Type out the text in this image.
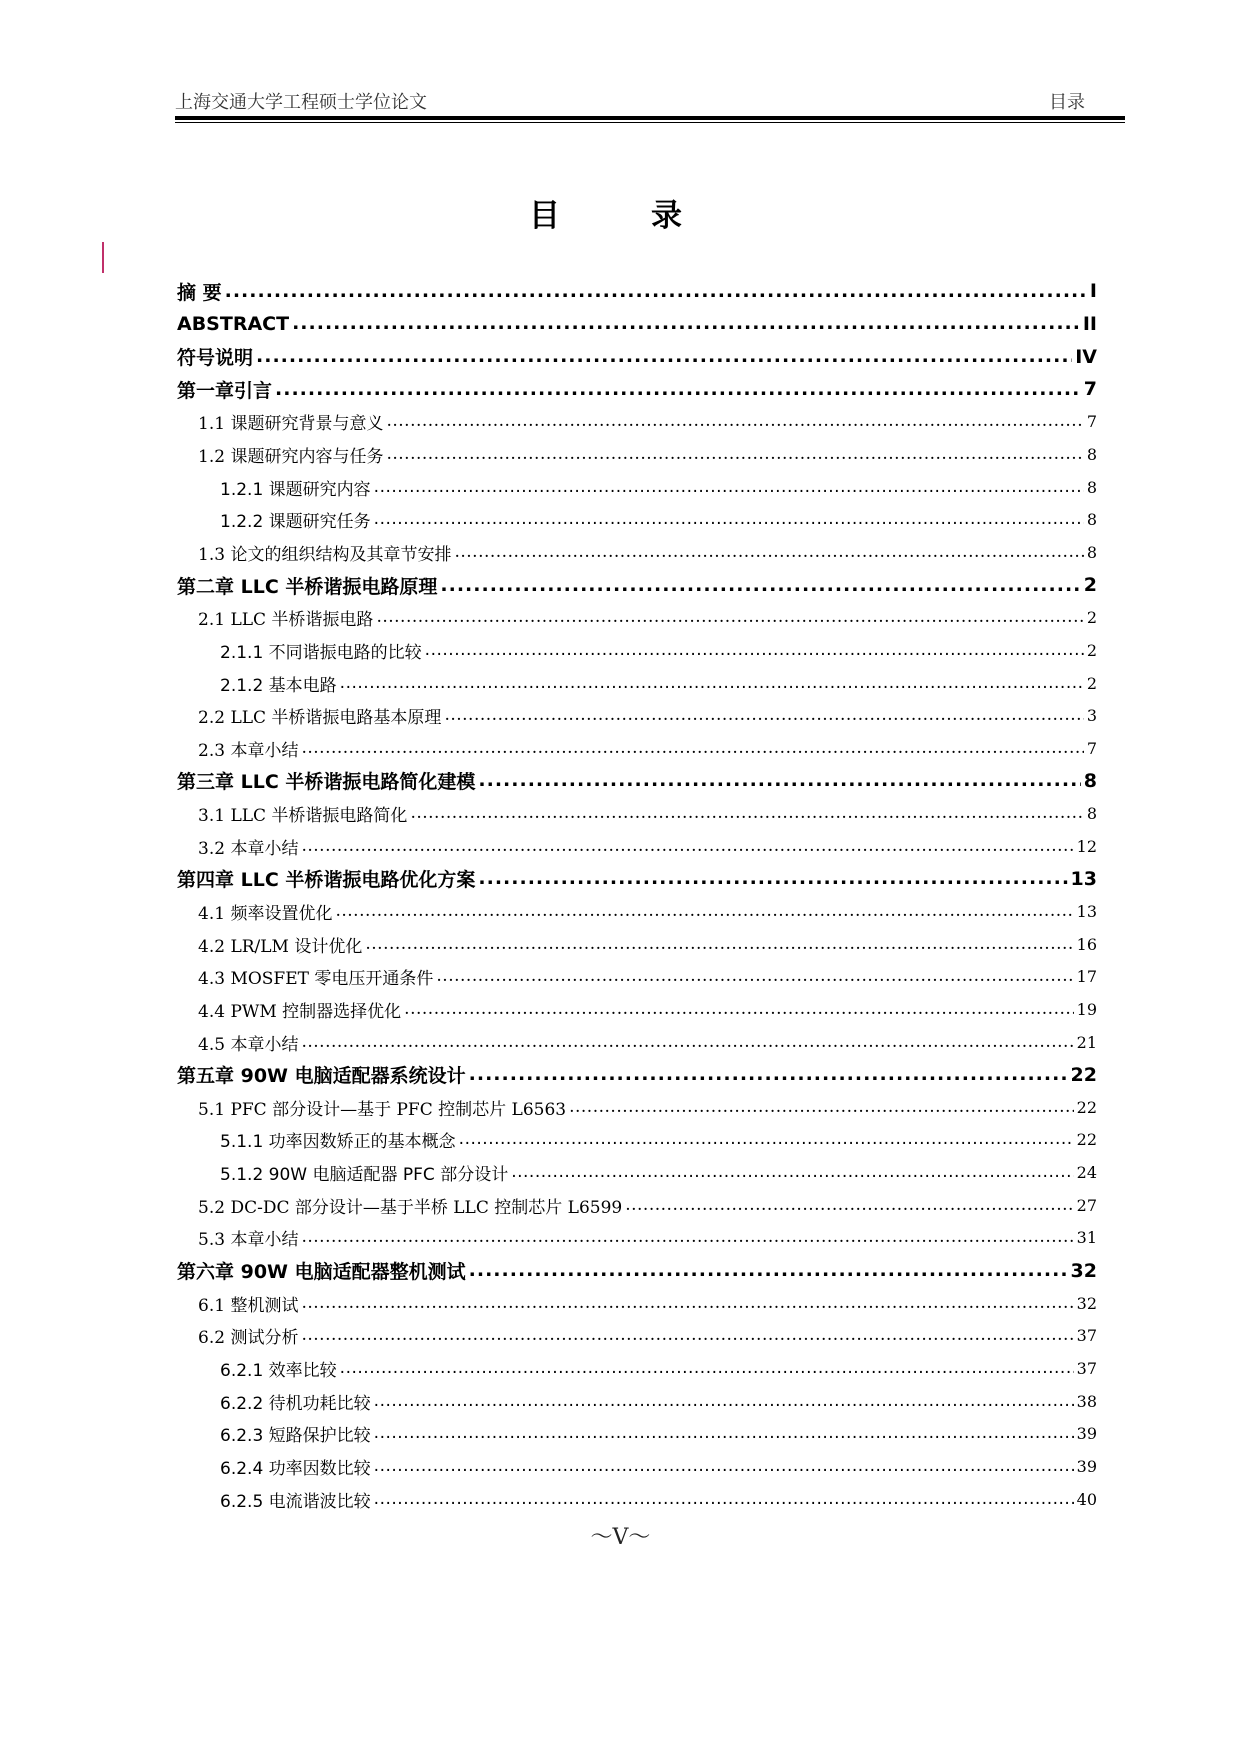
上海交通大学工程硕士学位论文	目录
目　录
摘 要 .....	I
ABSTRACT .....	II
符号说明 .....	IV
第一章引言 .....	7
1.1 课题研究背景与意义 .....	7
1.2 课题研究内容与任务 .....	8
1.2.1 课题研究内容 .....	8
1.2.2 课题研究任务 .....	8
1.3 论文的组织结构及其章节安排 .....	8
第二章 LLC 半桥谐振电路原理 .....	2
2.1 LLC 半桥谐振电路 .....	2
2.1.1 不同谐振电路的比较 .....	2
2.1.2 基本电路 .....	2
2.2 LLC 半桥谐振电路基本原理 .....	3
2.3 本章小结 .....	7
第三章 LLC 半桥谐振电路简化建模 .....	8
3.1 LLC 半桥谐振电路简化 .....	8
3.2 本章小结 .....	12
第四章 LLC 半桥谐振电路优化方案 .....	13
4.1 频率设置优化 .....	13
4.2 LR/LM 设计优化 .....	16
4.3 MOSFET 零电压开通条件 .....	17
4.4 PWM 控制器选择优化 .....	19
4.5 本章小结 .....	21
第五章 90W 电脑适配器系统设计 .....	22
5.1 PFC 部分设计—基于 PFC 控制芯片 L6563 .....	22
5.1.1 功率因数矫正的基本概念 .....	22
5.1.2 90W 电脑适配器 PFC 部分设计 .....	24
5.2 DC-DC 部分设计—基于半桥 LLC 控制芯片 L6599 .....	27
5.3 本章小结 .....	31
第六章 90W 电脑适配器整机测试 .....	32
6.1 整机测试 .....	32
6.2 测试分析 .....	37
6.2.1 效率比较 .....	37
6.2.2 待机功耗比较 .....	38
6.2.3 短路保护比较 .....	39
6.2.4 功率因数比较 .....	39
6.2.5 电流谐波比较 .....	40
～V～
